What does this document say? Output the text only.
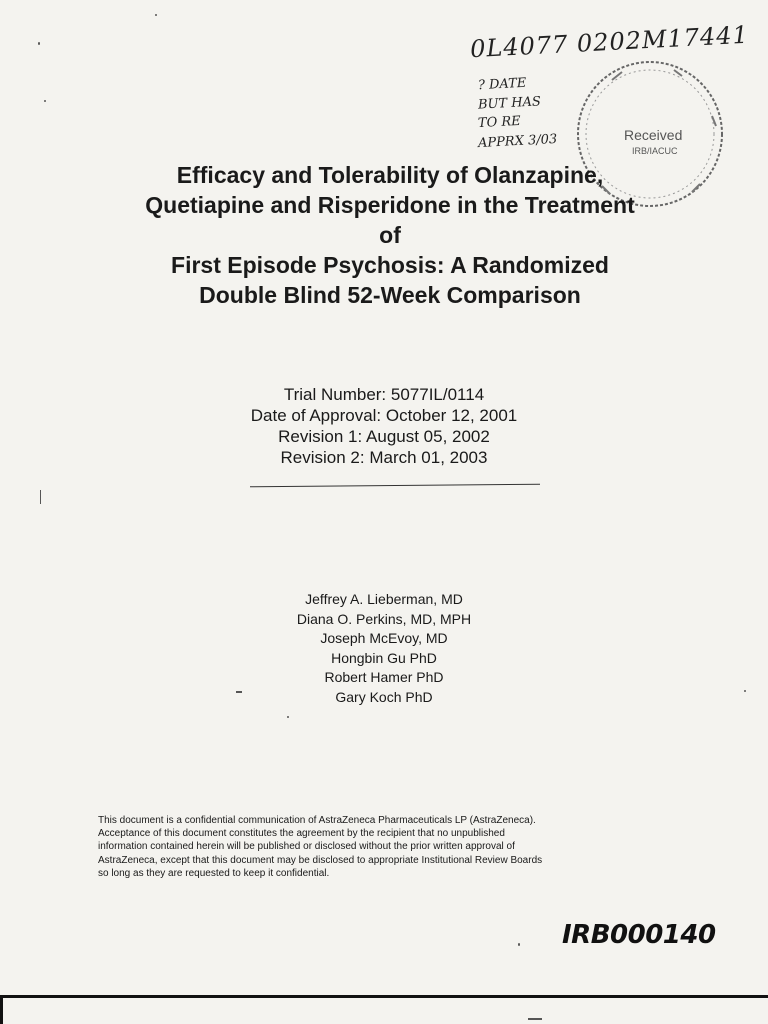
0L4077 0202M17441
? DATE
BUT HAS
TO RE
APPRX 3/03	Received
IRB/IACUC
Efficacy and Tolerability of Olanzapine,
Quetiapine and Risperidone in the Treatment
of
First Episode Psychosis: A Randomized
Double Blind 52-Week Comparison
Trial Number: 5077IL/0114
Date of Approval: October 12, 2001
Revision 1: August 05, 2002
Revision 2: March 01, 2003
Jeffrey A. Lieberman, MD
Diana O. Perkins, MD, MPH
Joseph McEvoy, MD
Hongbin Gu PhD
Robert Hamer PhD
Gary Koch PhD
This document is a confidential communication of AstraZeneca Pharmaceuticals LP (AstraZeneca).
Acceptance of this document constitutes the agreement by the recipient that no unpublished
information contained herein will be published or disclosed without the prior written approval of
AstraZeneca, except that this document may be disclosed to appropriate Institutional Review Boards
so long as they are requested to keep it confidential.
IRB000140
